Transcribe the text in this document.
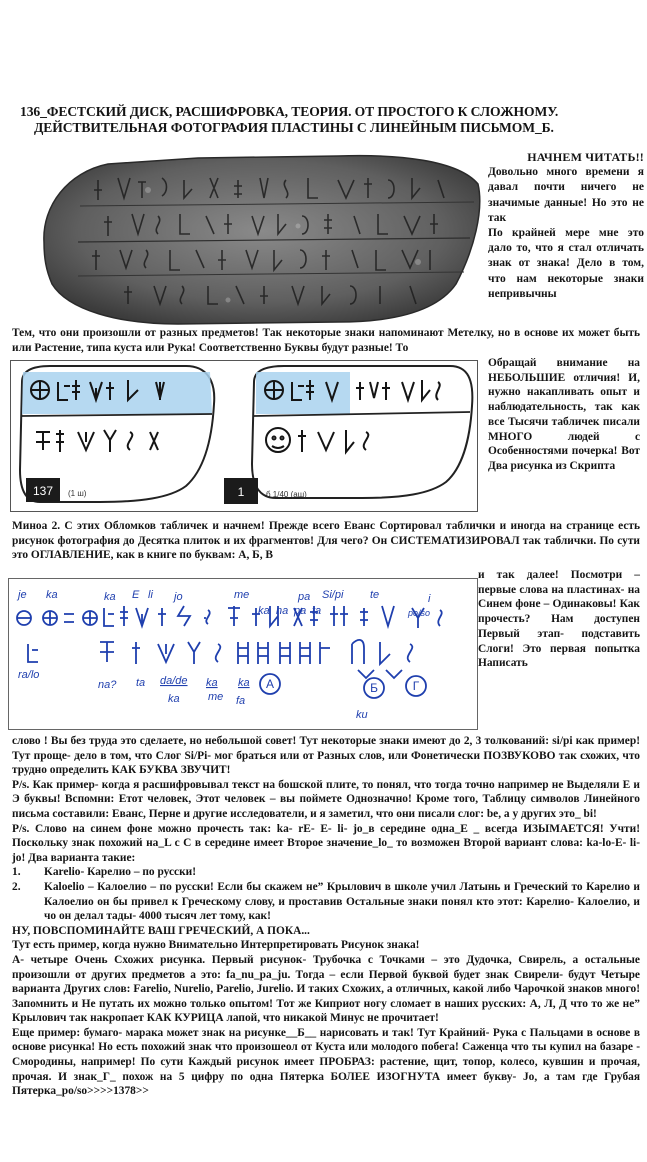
136_ФЕСТСКИЙ ДИСК, РАСШИФРОВКА, ТЕОРИЯ. ОТ ПРОСТОГО К СЛОЖНОМУ.
ДЕЙСТВИТЕЛЬНАЯ ФОТОГРАФИЯ ПЛАСТИНЫ С ЛИНЕЙНЫМ ПИСЬМОМ_Б.

НАЧНЕМ ЧИТАТЬ!!

Довольно много времени я давал почти ничего не значимые данные! Но это не так

По крайней мере мне это дало то, что я стал отличать знак от знака! Дело в том, что нам некоторые знаки непривычны

Тем, что они произошли от разных предметов! Так некоторые знаки напоминают Метелку, но в основе их может быть или Растение, типа куста или Рука! Соответственно Буквы будут разные! То

137 (1 ш)	1	б 1/40 (аш)

Обращай внимание на НЕБОЛЬШИЕ отличия! И, нужно накапливать опыт и наблюдательность, так как все Тысячи табличек писали МНОГО людей с Особенностями почерка! Вот Два рисунка из Скрипта

Миноа 2. С этих Обломков табличек и начнем! Прежде всего Еванс Сортировал таблички и иногда на странице есть рисунок фотография до Десятка плиток и их фрагментов! Для чего? Он СИСТЕМАТИЗИРОВАЛ так таблички. По сути это ОГЛАВЛЕНИЕ, как в книге по буквам: А, Б, В

je ka	ka E li jo	me	pa Si/pi te	i
ka na pa ta	po/so
ra/lo
na? ta da/de ka ka
ka	fa
me
ku
А	Б	Г

и так далее! Посмотри – первые слова на пластинах- на Синем фоне – Одинаковы! Как прочесть? Нам доступен Первый этап- подставить Слоги! Это первая попытка Написать

слово ! Вы без труда это сделаете, но небольшой совет! Тут некоторые знаки имеют до 2, 3 толкований: si/pi как пример! Тут проще- дело в том, что Слог Si/Pi- мог браться или от Разных слов, или Фонетически ПОЗВУКОВО так схожих, что трудно определить КАК БУКВА ЗВУЧИТ!

P/s. Как пример- когда я расшифровывал текст на бошской плите, то понял, что тогда точно например не Выделяли Е и Э буквы! Вспомни: Етот человек, Этот человек – вы поймете Однозначно! Кроме того, Таблицу символов Линейного письма составили: Еванс, Перне и другие исследователи, и я заметил, что они писали слог: be, а у других это_ bi!

P/s. Слово на синем фоне можно прочесть так: ka- rE- E- li- jo_в середине одна_Е _ всегда ИЗЫМАЕТСЯ! Учти! Поскольку знак похожий на_L с С в середине имеет Второе значение_lo_ то возможен Второй вариант слова: ka-lo-E- li-jo! Два варианта такие:

1.	Karelio- Карелио – по русски!
2.	Kaloelio – Калоелио – по русски! Если бы скажем не” Крылович в школе учил Латынь и Греческий то Карелио и Калоелио он бы привел к Греческому слову, и проставив Остальные знаки понял кто этот: Карелио- Калоелио, и чо он делал тады- 4000 тысяч лет тому, как!

НУ, ПОВСПОМИНАЙТЕ ВАШ ГРЕЧЕСКИЙ, А ПОКА...

Тут есть пример, когда нужно Внимательно Интерпретировать Рисунок знака!

А- четыре Очень Схожих рисунка. Первый рисунок- Трубочка с Точками – это Дудочка, Свирель, а остальные произошли от других предметов а это: fa_nu_pa_ju. Тогда – если Первой буквой будет знак Свирели- будут Четыре варианта Других слов: Farelio, Nurelio, Parelio, Jurelio. И таких Схожих, а отличных, какой либо Чарочкой знаков много! Запомнить и Не путать их можно только опытом! Тот же Киприот ногу сломает в наших русских: А, Л, Д что то же не” Крылович так накропает КАК КУРИЦА лапой, что никакой Минус не прочитает!

Еще пример: бумаго- марака может знак на рисунке__Б__ нарисовать и так! Тут Крайний- Рука с Пальцами в основе в основе рисунка! Но есть похожий знак что произошеол от Куста или молодого побега! Саженца что ты купил на базаре - Смородины, например! По сути Каждый рисунок имеет ПРОБРАЗ: растение, щит, топор, колесо, кувшин и прочая, прочая. И знак_Г_ похож на 5 цифру по одна Пятерка БОЛЕЕ ИЗОГНУТА имеет букву- Jo, а там где Грубая Пятерка_po/so>>>>1378>>
